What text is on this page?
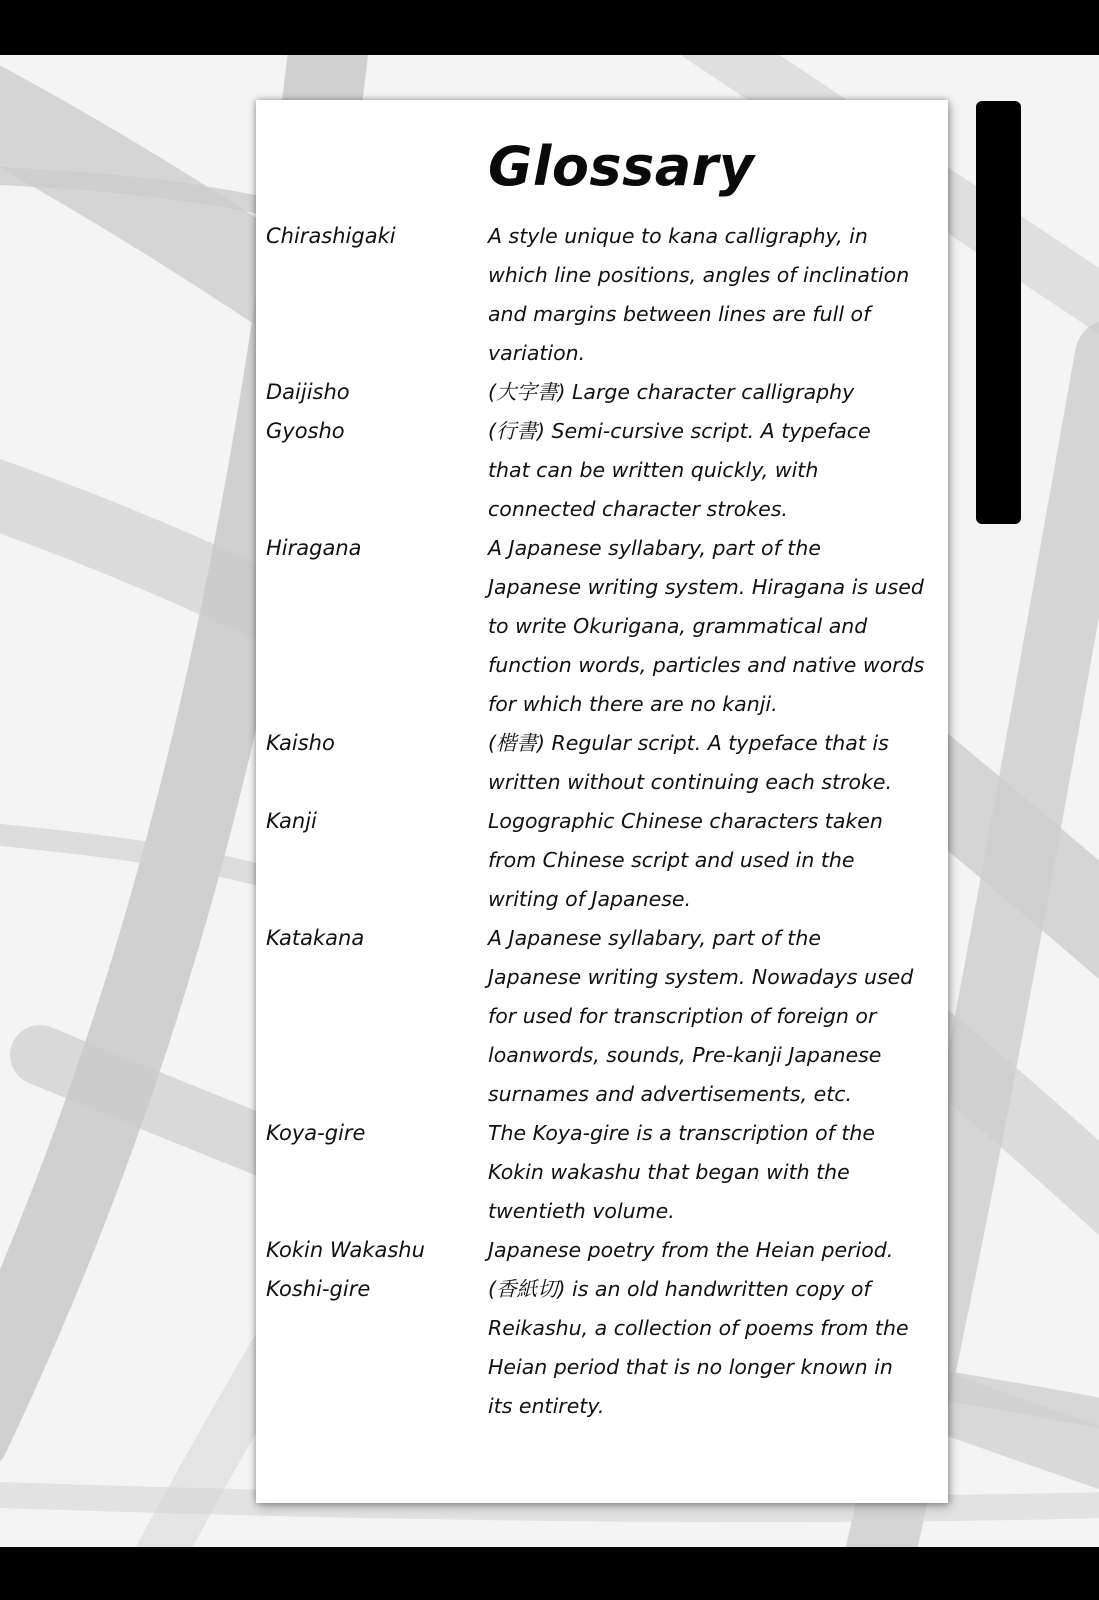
Glossary
Chirashigaki	A style unique to kana calligraphy, in
which line positions, angles of inclination
and margins between lines are full of
variation.
Daijisho	(大字書) Large character calligraphy
Gyosho	(行書) Semi-cursive script. A typeface
that can be written quickly, with
connected character strokes.
Hiragana	A Japanese syllabary, part of the
Japanese writing system. Hiragana is used
to write Okurigana, grammatical and
function words, particles and native words
for which there are no kanji.
Kaisho	(楷書) Regular script. A typeface that is
written without continuing each stroke.
Kanji	Logographic Chinese characters taken
from Chinese script and used in the
writing of Japanese.
Katakana	A Japanese syllabary, part of the
Japanese writing system. Nowadays used
for used for transcription of foreign or
loanwords, sounds, Pre-kanji Japanese
surnames and advertisements, etc.
Koya-gire	The Koya-gire is a transcription of the
Kokin wakashu that began with the
twentieth volume.
Kokin Wakashu	Japanese poetry from the Heian period.
Koshi-gire	(香紙切) is an old handwritten copy of
Reikashu, a collection of poems from the
Heian period that is no longer known in
its entirety.
